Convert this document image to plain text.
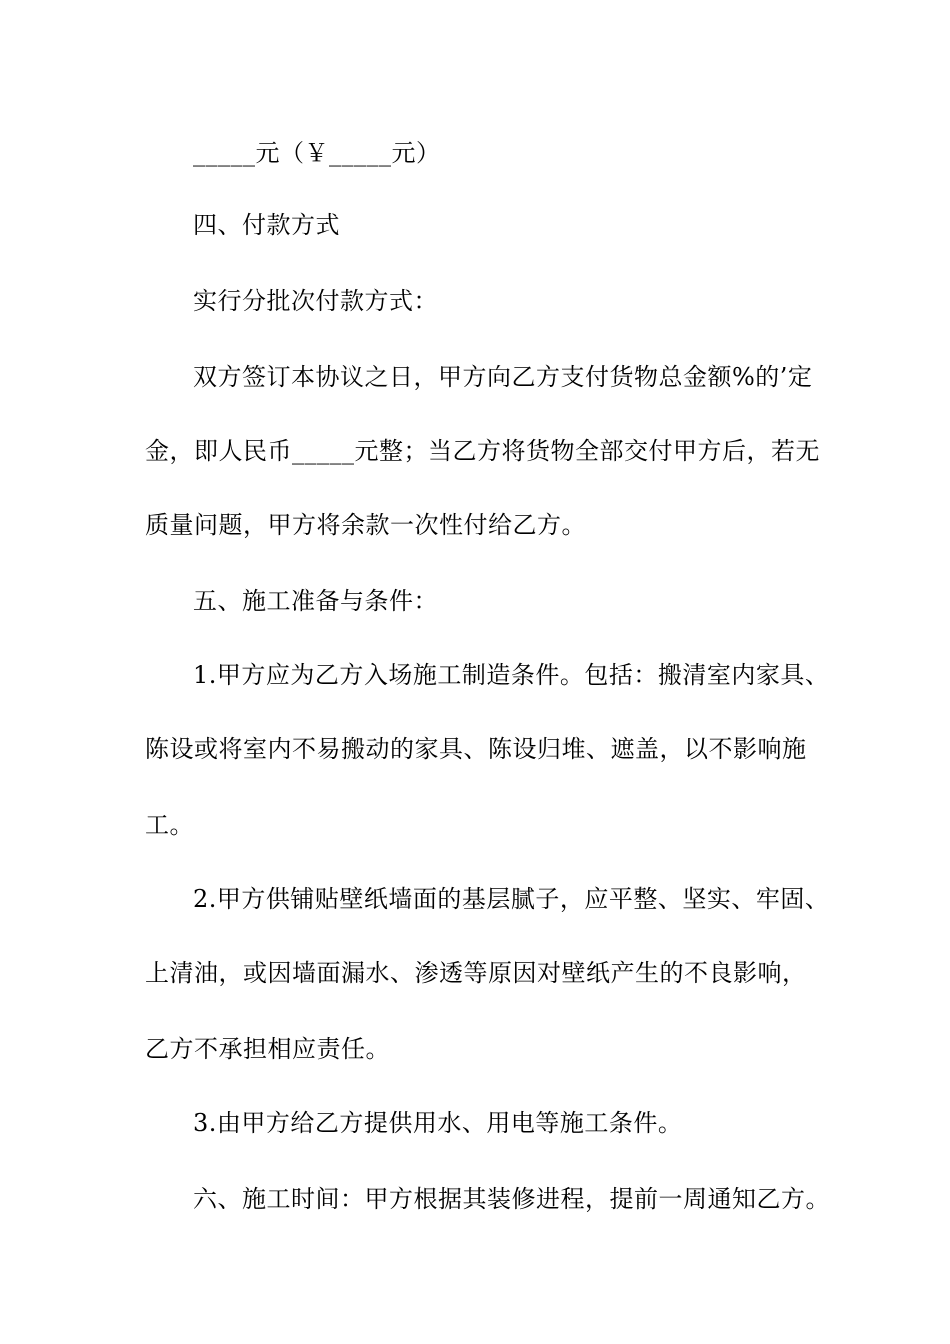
_____元（￥_____元）
四、付款方式
实行分批次付款方式：
双方签订本协议之日，甲方向乙方支付货物总金额%的’定
金，即人民币_____元整；当乙方将货物全部交付甲方后，若无
质量问题，甲方将余款一次性付给乙方。
五、施工准备与条件：
1.甲方应为乙方入场施工制造条件。包括：搬清室内家具、
陈设或将室内不易搬动的家具、陈设归堆、遮盖，以不影响施
工。
2.甲方供铺贴壁纸墙面的基层腻子，应平整、坚实、牢固、
上清油，或因墙面漏水、渗透等原因对壁纸产生的不良影响，
乙方不承担相应责任。
3.由甲方给乙方提供用水、用电等施工条件。
六、施工时间：甲方根据其装修进程，提前一周通知乙方。
